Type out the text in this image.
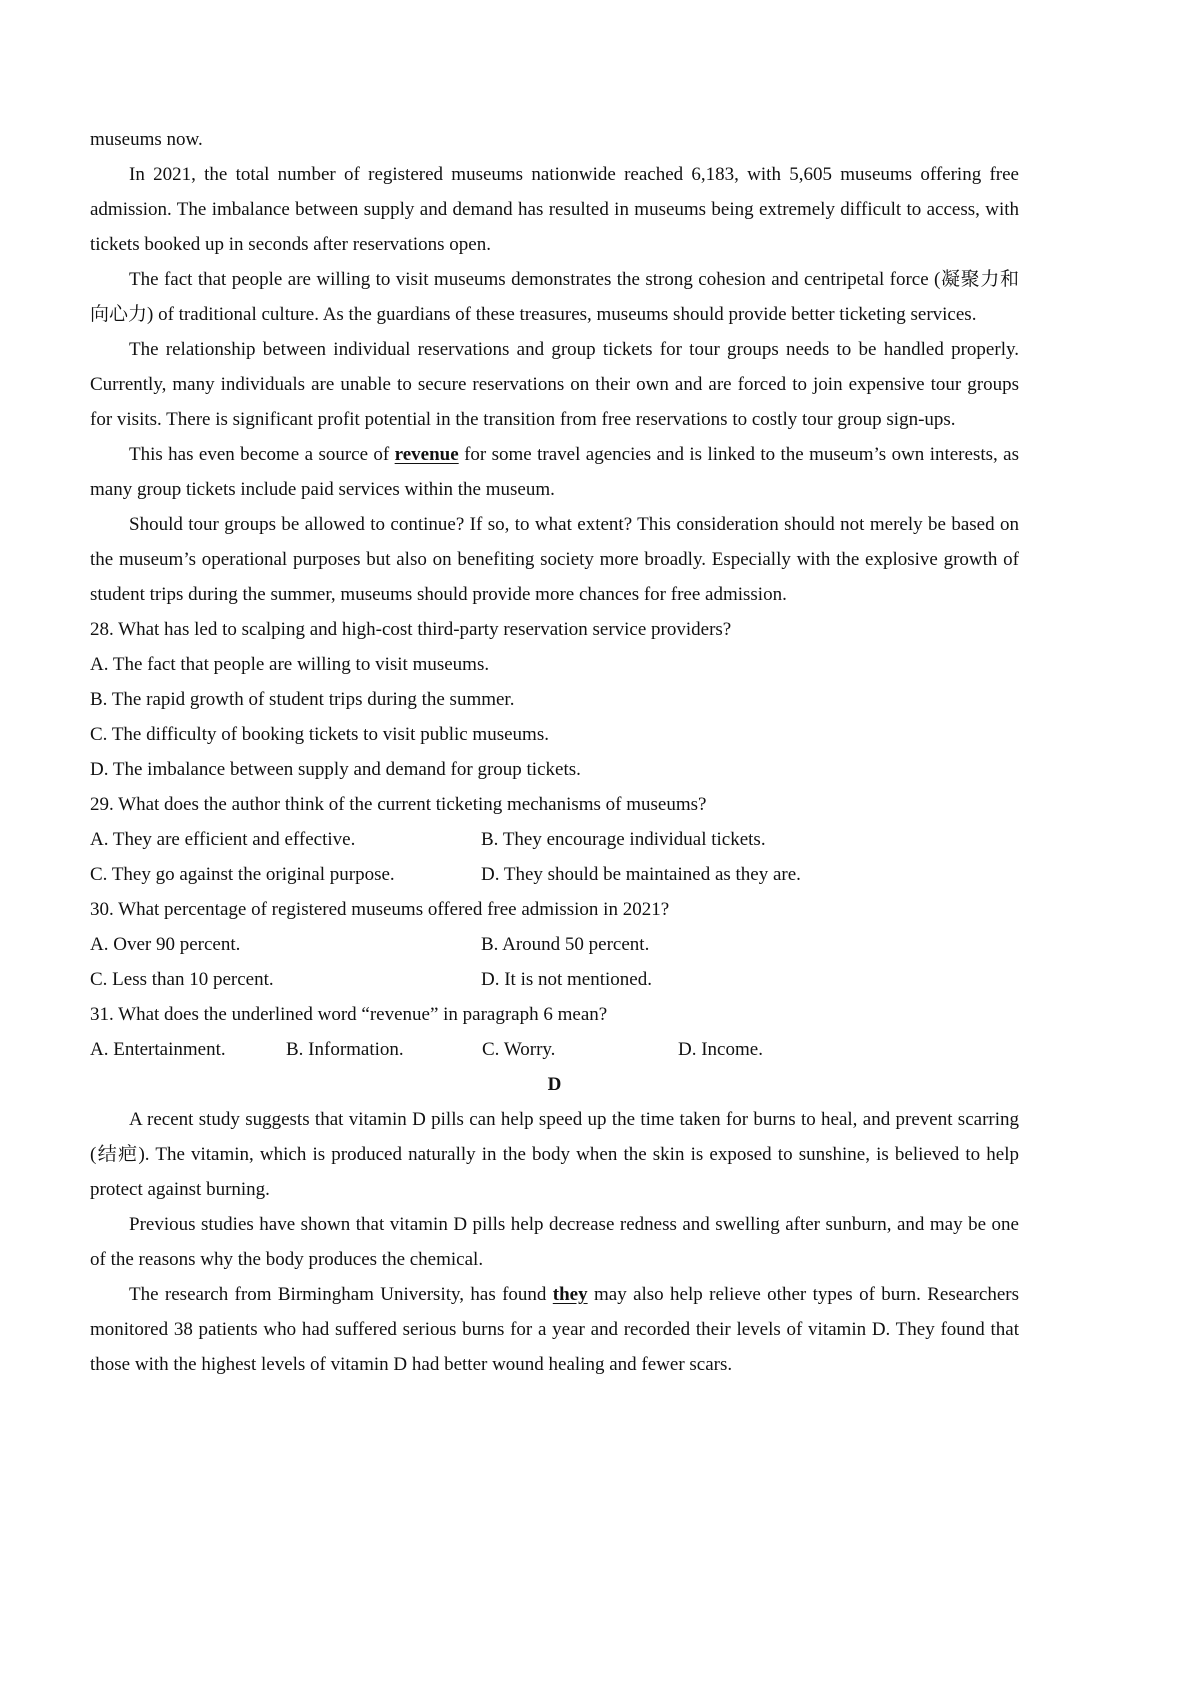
museums now.

In 2021, the total number of registered museums nationwide reached 6,183, with 5,605 museums offering free admission. The imbalance between supply and demand has resulted in museums being extremely difficult to access, with tickets booked up in seconds after reservations open.

The fact that people are willing to visit museums demonstrates the strong cohesion and centripetal force (凝聚力和向心力) of traditional culture. As the guardians of these treasures, museums should provide better ticketing services.

The relationship between individual reservations and group tickets for tour groups needs to be handled properly. Currently, many individuals are unable to secure reservations on their own and are forced to join expensive tour groups for visits. There is significant profit potential in the transition from free reservations to costly tour group sign-ups.

This has even become a source of revenue for some travel agencies and is linked to the museum’s own interests, as many group tickets include paid services within the museum.

Should tour groups be allowed to continue? If so, to what extent? This consideration should not merely be based on the museum’s operational purposes but also on benefiting society more broadly. Especially with the explosive growth of student trips during the summer, museums should provide more chances for free admission.

28. What has led to scalping and high-cost third-party reservation service providers?

A. The fact that people are willing to visit museums.

B. The rapid growth of student trips during the summer.

C. The difficulty of booking tickets to visit public museums.

D. The imbalance between supply and demand for group tickets.

29. What does the author think of the current ticketing mechanisms of museums?

A. They are efficient and effective.	B. They encourage individual tickets.
C. They go against the original purpose.	D. They should be maintained as they are.

30. What percentage of registered museums offered free admission in 2021?

A. Over 90 percent.	B. Around 50 percent.
C. Less than 10 percent.	D. It is not mentioned.

31. What does the underlined word “revenue” in paragraph 6 mean?

A. Entertainment.	B. Information.	C. Worry.	D. Income.

D

A recent study suggests that vitamin D pills can help speed up the time taken for burns to heal, and prevent scarring (结疤). The vitamin, which is produced naturally in the body when the skin is exposed to sunshine, is believed to help protect against burning.

Previous studies have shown that vitamin D pills help decrease redness and swelling after sunburn, and may be one of the reasons why the body produces the chemical.

The research from Birmingham University, has found they may also help relieve other types of burn. Researchers monitored 38 patients who had suffered serious burns for a year and recorded their levels of vitamin D. They found that those with the highest levels of vitamin D had better wound healing and fewer scars.
